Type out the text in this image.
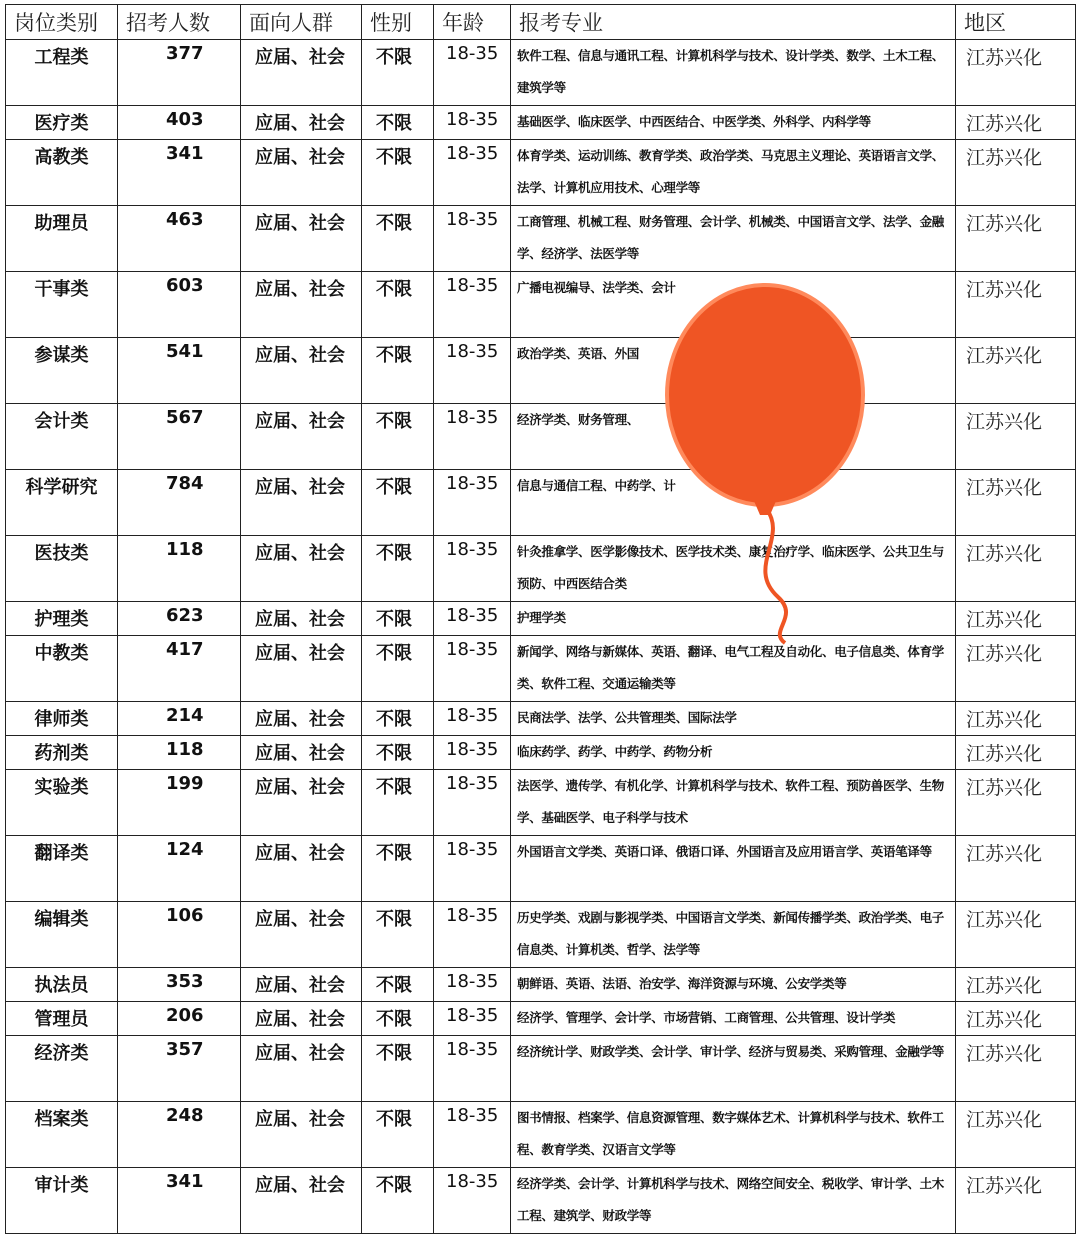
岗位类别	招考人数	面向人群	性别	年龄	报考专业	地区
工程类	377	应届、社会	不限	18-35	软件工程、信息与通讯工程、计算机科学与技术、设计学类、数学、土木工程、建筑学等	江苏兴化
医疗类	403	应届、社会	不限	18-35	基础医学、临床医学、中西医结合、中医学类、外科学、内科学等	江苏兴化
高教类	341	应届、社会	不限	18-35	体育学类、运动训练、教育学类、政治学类、马克思主义理论、英语语言文学、法学、计算机应用技术、心理学等	江苏兴化
助理员	463	应届、社会	不限	18-35	工商管理、机械工程、财务管理、会计学、机械类、中国语言文学、法学、金融学、经济学、法医学等	江苏兴化
干事类	603	应届、社会	不限	18-35	广播电视编导、法学类、会计	江苏兴化
参谋类	541	应届、社会	不限	18-35	政治学类、英语、外国	江苏兴化
会计类	567	应届、社会	不限	18-35	经济学类、财务管理、	江苏兴化
科学研究	784	应届、社会	不限	18-35	信息与通信工程、中药学、计	江苏兴化
医技类	118	应届、社会	不限	18-35	针灸推拿学、医学影像技术、医学技术类、康复治疗学、临床医学、公共卫生与预防、中西医结合类	江苏兴化
护理类	623	应届、社会	不限	18-35	护理学类	江苏兴化
中教类	417	应届、社会	不限	18-35	新闻学、网络与新媒体、英语、翻译、电气工程及自动化、电子信息类、体育学类、软件工程、交通运输类等	江苏兴化
律师类	214	应届、社会	不限	18-35	民商法学、法学、公共管理类、国际法学	江苏兴化
药剂类	118	应届、社会	不限	18-35	临床药学、药学、中药学、药物分析	江苏兴化
实验类	199	应届、社会	不限	18-35	法医学、遗传学、有机化学、计算机科学与技术、软件工程、预防兽医学、生物学、基础医学、电子科学与技术	江苏兴化
翻译类	124	应届、社会	不限	18-35	外国语言文学类、英语口译、俄语口译、外国语言及应用语言学、英语笔译等	江苏兴化
编辑类	106	应届、社会	不限	18-35	历史学类、戏剧与影视学类、中国语言文学类、新闻传播学类、政治学类、电子信息类、计算机类、哲学、法学等	江苏兴化
执法员	353	应届、社会	不限	18-35	朝鲜语、英语、法语、治安学、海洋资源与环境、公安学类等	江苏兴化
管理员	206	应届、社会	不限	18-35	经济学、管理学、会计学、市场营销、工商管理、公共管理、设计学类	江苏兴化
经济类	357	应届、社会	不限	18-35	经济统计学、财政学类、会计学、审计学、经济与贸易类、采购管理、金融学等	江苏兴化
档案类	248	应届、社会	不限	18-35	图书情报、档案学、信息资源管理、数字媒体艺术、计算机科学与技术、软件工程、教育学类、汉语言文学等	江苏兴化
审计类	341	应届、社会	不限	18-35	经济学类、会计学、计算机科学与技术、网络空间安全、税收学、审计学、土木工程、建筑学、财政学等	江苏兴化
